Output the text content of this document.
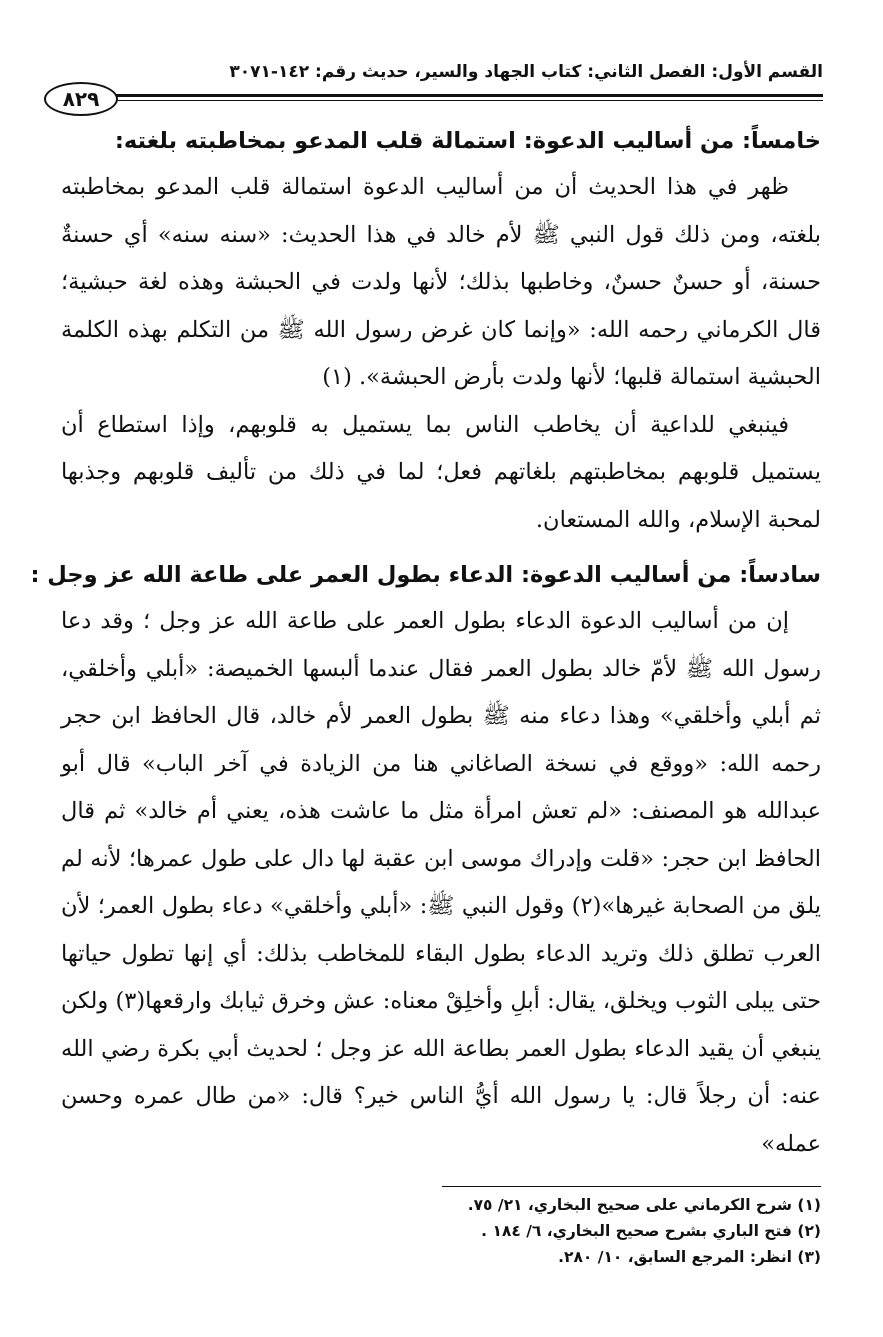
القسم الأول: الفصل الثاني: كتاب الجهاد والسير، حديث رقم: ١٤٢-٣٠٧١
٨٢٩
خامساً: من أساليب الدعوة: استمالة قلب المدعو بمخاطبته بلغته:

ظهر في هذا الحديث أن من أساليب الدعوة استمالة قلب المدعو بمخاطبته بلغته، ومن ذلك قول النبي ﷺ لأم خالد في هذا الحديث: «سنه سنه» أي حسنةٌ حسنة، أو حسنٌ حسنٌ، وخاطبها بذلك؛ لأنها ولدت في الحبشة وهذه لغة حبشية؛ قال الكرماني رحمه الله: «وإنما كان غرض رسول الله ﷺ من التكلم بهذه الكلمة الحبشية استمالة قلبها؛ لأنها ولدت بأرض الحبشة». (١)

فينبغي للداعية أن يخاطب الناس بما يستميل به قلوبهم، وإذا استطاع أن يستميل قلوبهم بمخاطبتهم بلغاتهم فعل؛ لما في ذلك من تأليف قلوبهم وجذبها لمحبة الإسلام، والله المستعان.

سادساً: من أساليب الدعوة: الدعاء بطول العمر على طاعة الله عز وجل :

إن من أساليب الدعوة الدعاء بطول العمر على طاعة الله عز وجل ؛ وقد دعا رسول الله ﷺ لأمّ خالد بطول العمر فقال عندما ألبسها الخميصة: «أبلي وأخلقي، ثم أبلي وأخلقي» وهذا دعاء منه ﷺ بطول العمر لأم خالد، قال الحافظ ابن حجر رحمه الله: «ووقع في نسخة الصاغاني هنا من الزيادة في آخر الباب» قال أبو عبدالله هو المصنف: «لم تعش امرأة مثل ما عاشت هذه، يعني أم خالد» ثم قال الحافظ ابن حجر: «قلت وإدراك موسى ابن عقبة لها دال على طول عمرها؛ لأنه لم يلق من الصحابة غيرها»(٢) وقول النبي ﷺ: «أبلي وأخلقي» دعاء بطول العمر؛ لأن العرب تطلق ذلك وتريد الدعاء بطول البقاء للمخاطب بذلك: أي إنها تطول حياتها حتى يبلى الثوب ويخلق، يقال: أبلِ وأخلِقْ معناه: عش وخرق ثيابك وارقعها(٣) ولكن ينبغي أن يقيد الدعاء بطول العمر بطاعة الله عز وجل ؛ لحديث أبي بكرة رضي الله عنه: أن رجلاً قال: يا رسول الله أيُّ الناس خير؟ قال: «من طال عمره وحسن عمله»

(١) شرح الكرماني على صحيح البخاري، ٢١/ ٧٥.
(٢) فتح الباري بشرح صحيح البخاري، ٦/ ١٨٤ .
(٣) انظر: المرجع السابق، ١٠/ ٢٨٠.
